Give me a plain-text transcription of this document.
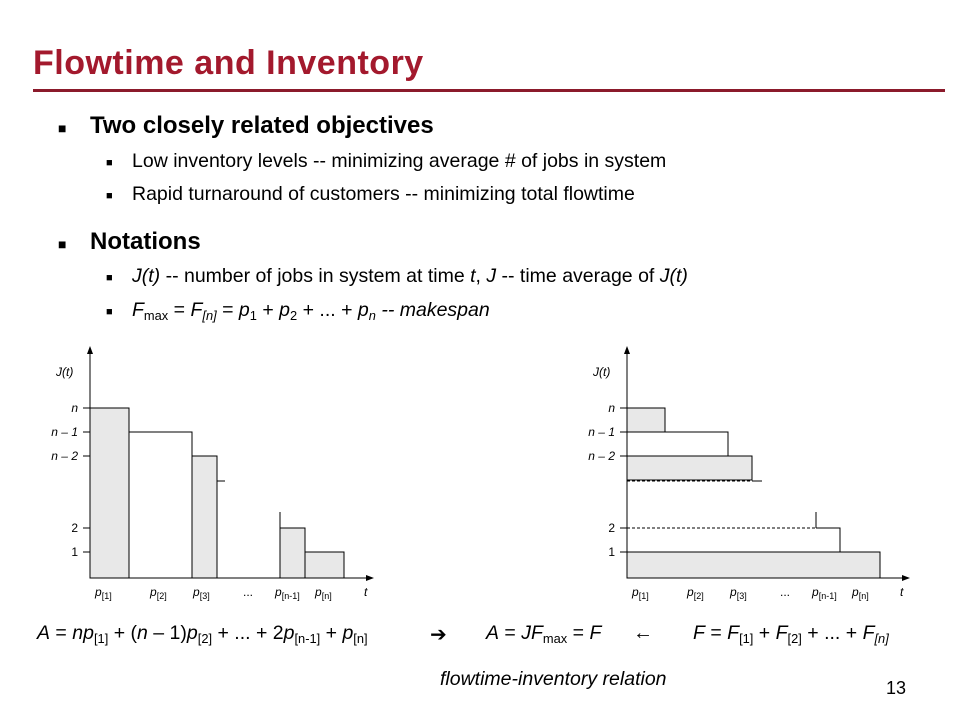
Flowtime and Inventory
■ Two closely related objectives
■ Low inventory levels -- minimizing average # of jobs in system
■ Rapid turnaround of customers -- minimizing total flowtime
■ Notations
■ J(t) -- number of jobs in system at time t, J -- time average of J(t)
■ $F_{max} = F_{[n]} = p_1 + p_2$ + ... + $p_n$ -- makespan
J(t)
n
n – 1
n – 2
2
1
$p_{[1]}$	$p_{[2]}$ $p_{[3]}$	... $p_{[n-1]}$ $p_{[n]}$	t
J(t)
n
n – 1
n – 2
2
1
$p_{[1]}$	$p_{[2]}$ $p_{[3]}$	... $p_{[n-1]}$ $p_{[n]}$	t
$A = np_{[1]} + (n - 1)p_{[2]}$ + ... + $2p_{[n-1]} + p_{[n]}$	➔ $A = JF_{max} = F$ ← $F = F_{[1]} + F_{[2]}$ + ... + $F_{[n]}$
flowtime-inventory relation	13
